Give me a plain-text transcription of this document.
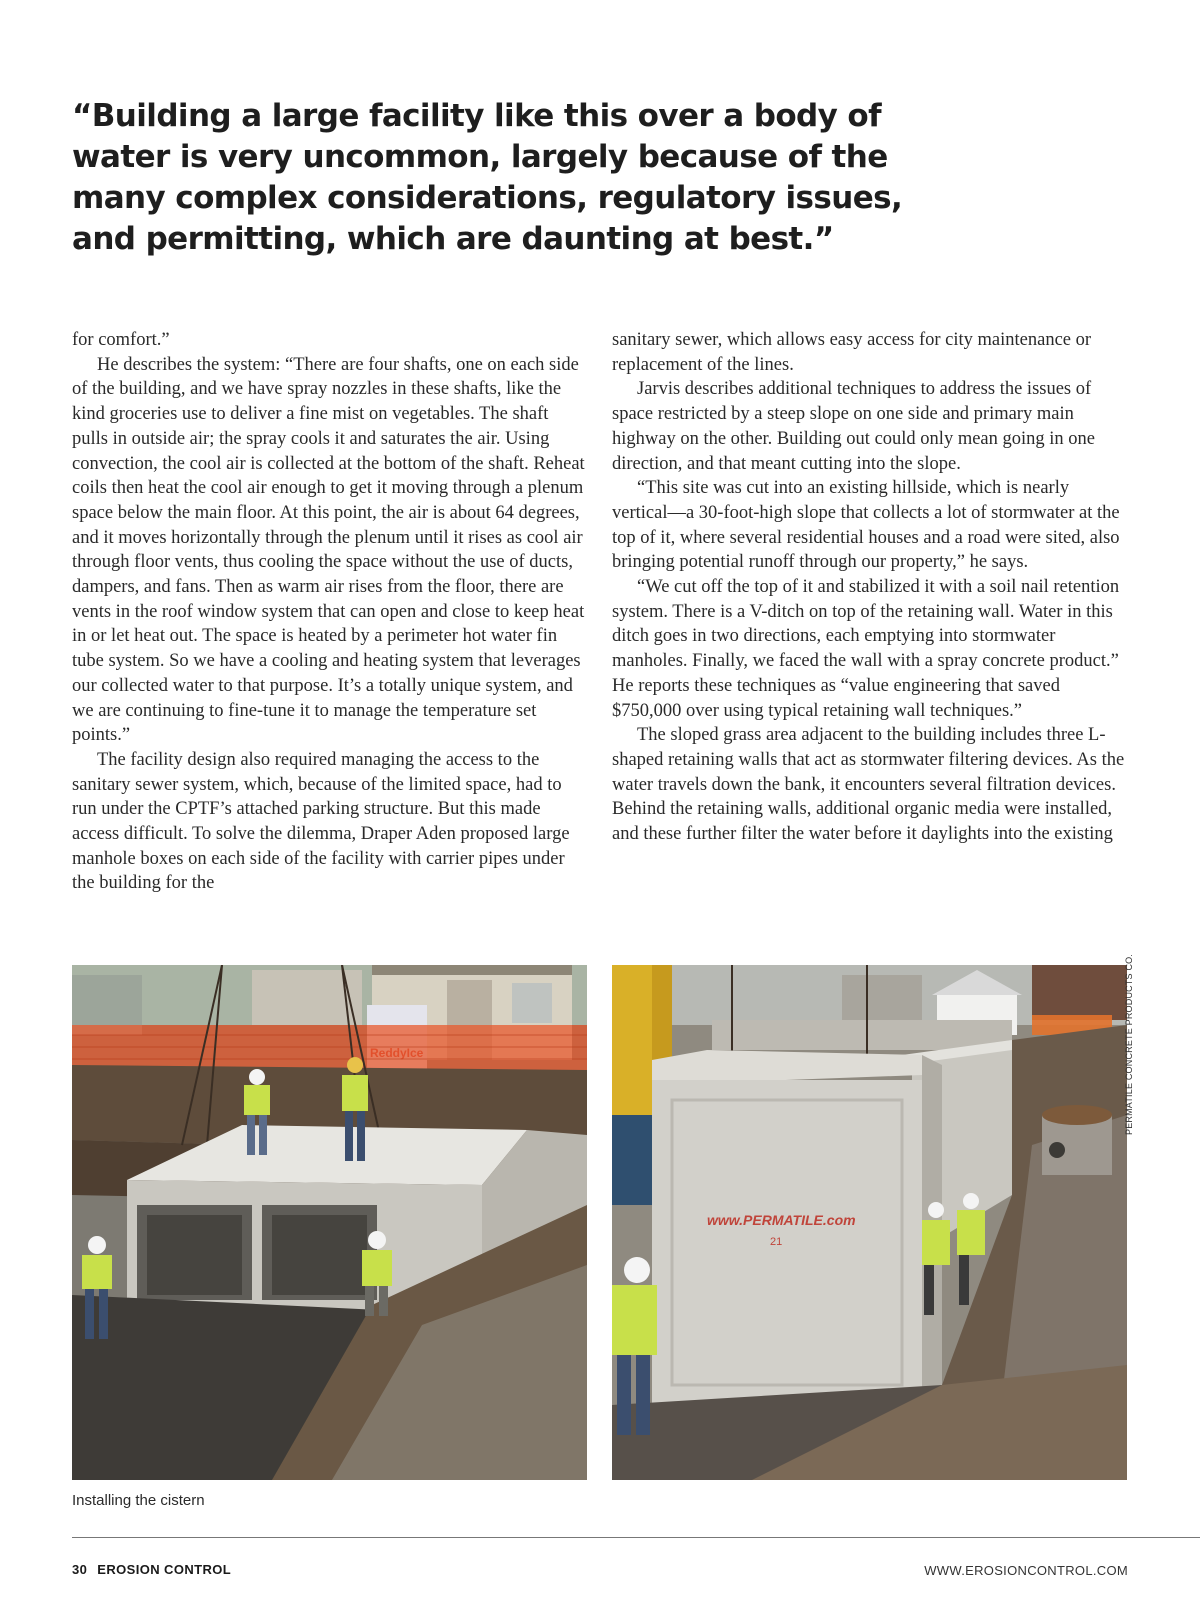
“Building a large facility like this over a body of water is very uncommon, largely because of the many complex considerations, regulatory issues, and permitting, which are daunting at best.”

for comfort.”

He describes the system: “There are four shafts, one on each side of the building, and we have spray nozzles in these shafts, like the kind groceries use to deliver a fine mist on vegetables. The shaft pulls in outside air; the spray cools it and saturates the air. Using convection, the cool air is collected at the bottom of the shaft. Reheat coils then heat the cool air enough to get it moving through a plenum space below the main floor. At this point, the air is about 64 degrees, and it moves horizontally through the plenum until it rises as cool air through floor vents, thus cooling the space without the use of ducts, dampers, and fans. Then as warm air rises from the floor, there are vents in the roof window system that can open and close to keep heat in or let heat out. The space is heated by a perimeter hot water fin tube system. So we have a cooling and heating system that leverages our collected water to that purpose. It’s a totally unique system, and we are continuing to fine-tune it to manage the temperature set points.”

The facility design also required managing the access to the sanitary sewer system, which, because of the limited space, had to run under the CPTF’s attached parking structure. But this made access difficult. To solve the dilemma, Draper Aden proposed large manhole boxes on each side of the facility with carrier pipes under the building for the

sanitary sewer, which allows easy access for city maintenance or replacement of the lines.

Jarvis describes additional techniques to address the issues of space restricted by a steep slope on one side and primary main highway on the other. Building out could only mean going in one direction, and that meant cutting into the slope.

“This site was cut into an existing hillside, which is nearly vertical—a 30-foot-high slope that collects a lot of stormwater at the top of it, where several residential houses and a road were sited, also bringing potential runoff through our property,” he says.

“We cut off the top of it and stabilized it with a soil nail retention system. There is a V-ditch on top of the retaining wall. Water in this ditch goes in two directions, each emptying into stormwater manholes. Finally, we faced the wall with a spray concrete product.” He reports these techniques as “value engineering that saved $750,000 over using typical retaining wall techniques.”

The sloped grass area adjacent to the building includes three L-shaped retaining walls that act as stormwater filtering devices. As the water travels down the bank, it encounters several filtration devices. Behind the retaining walls, additional organic media were installed, and these further filter the water before it daylights into the existing

www.PERMATILE.com
21
PERMATILE CONCRETE PRODUCTS CO.
Installing the cistern
30 EROSION CONTROL	WWW.EROSIONCONTROL.COM
